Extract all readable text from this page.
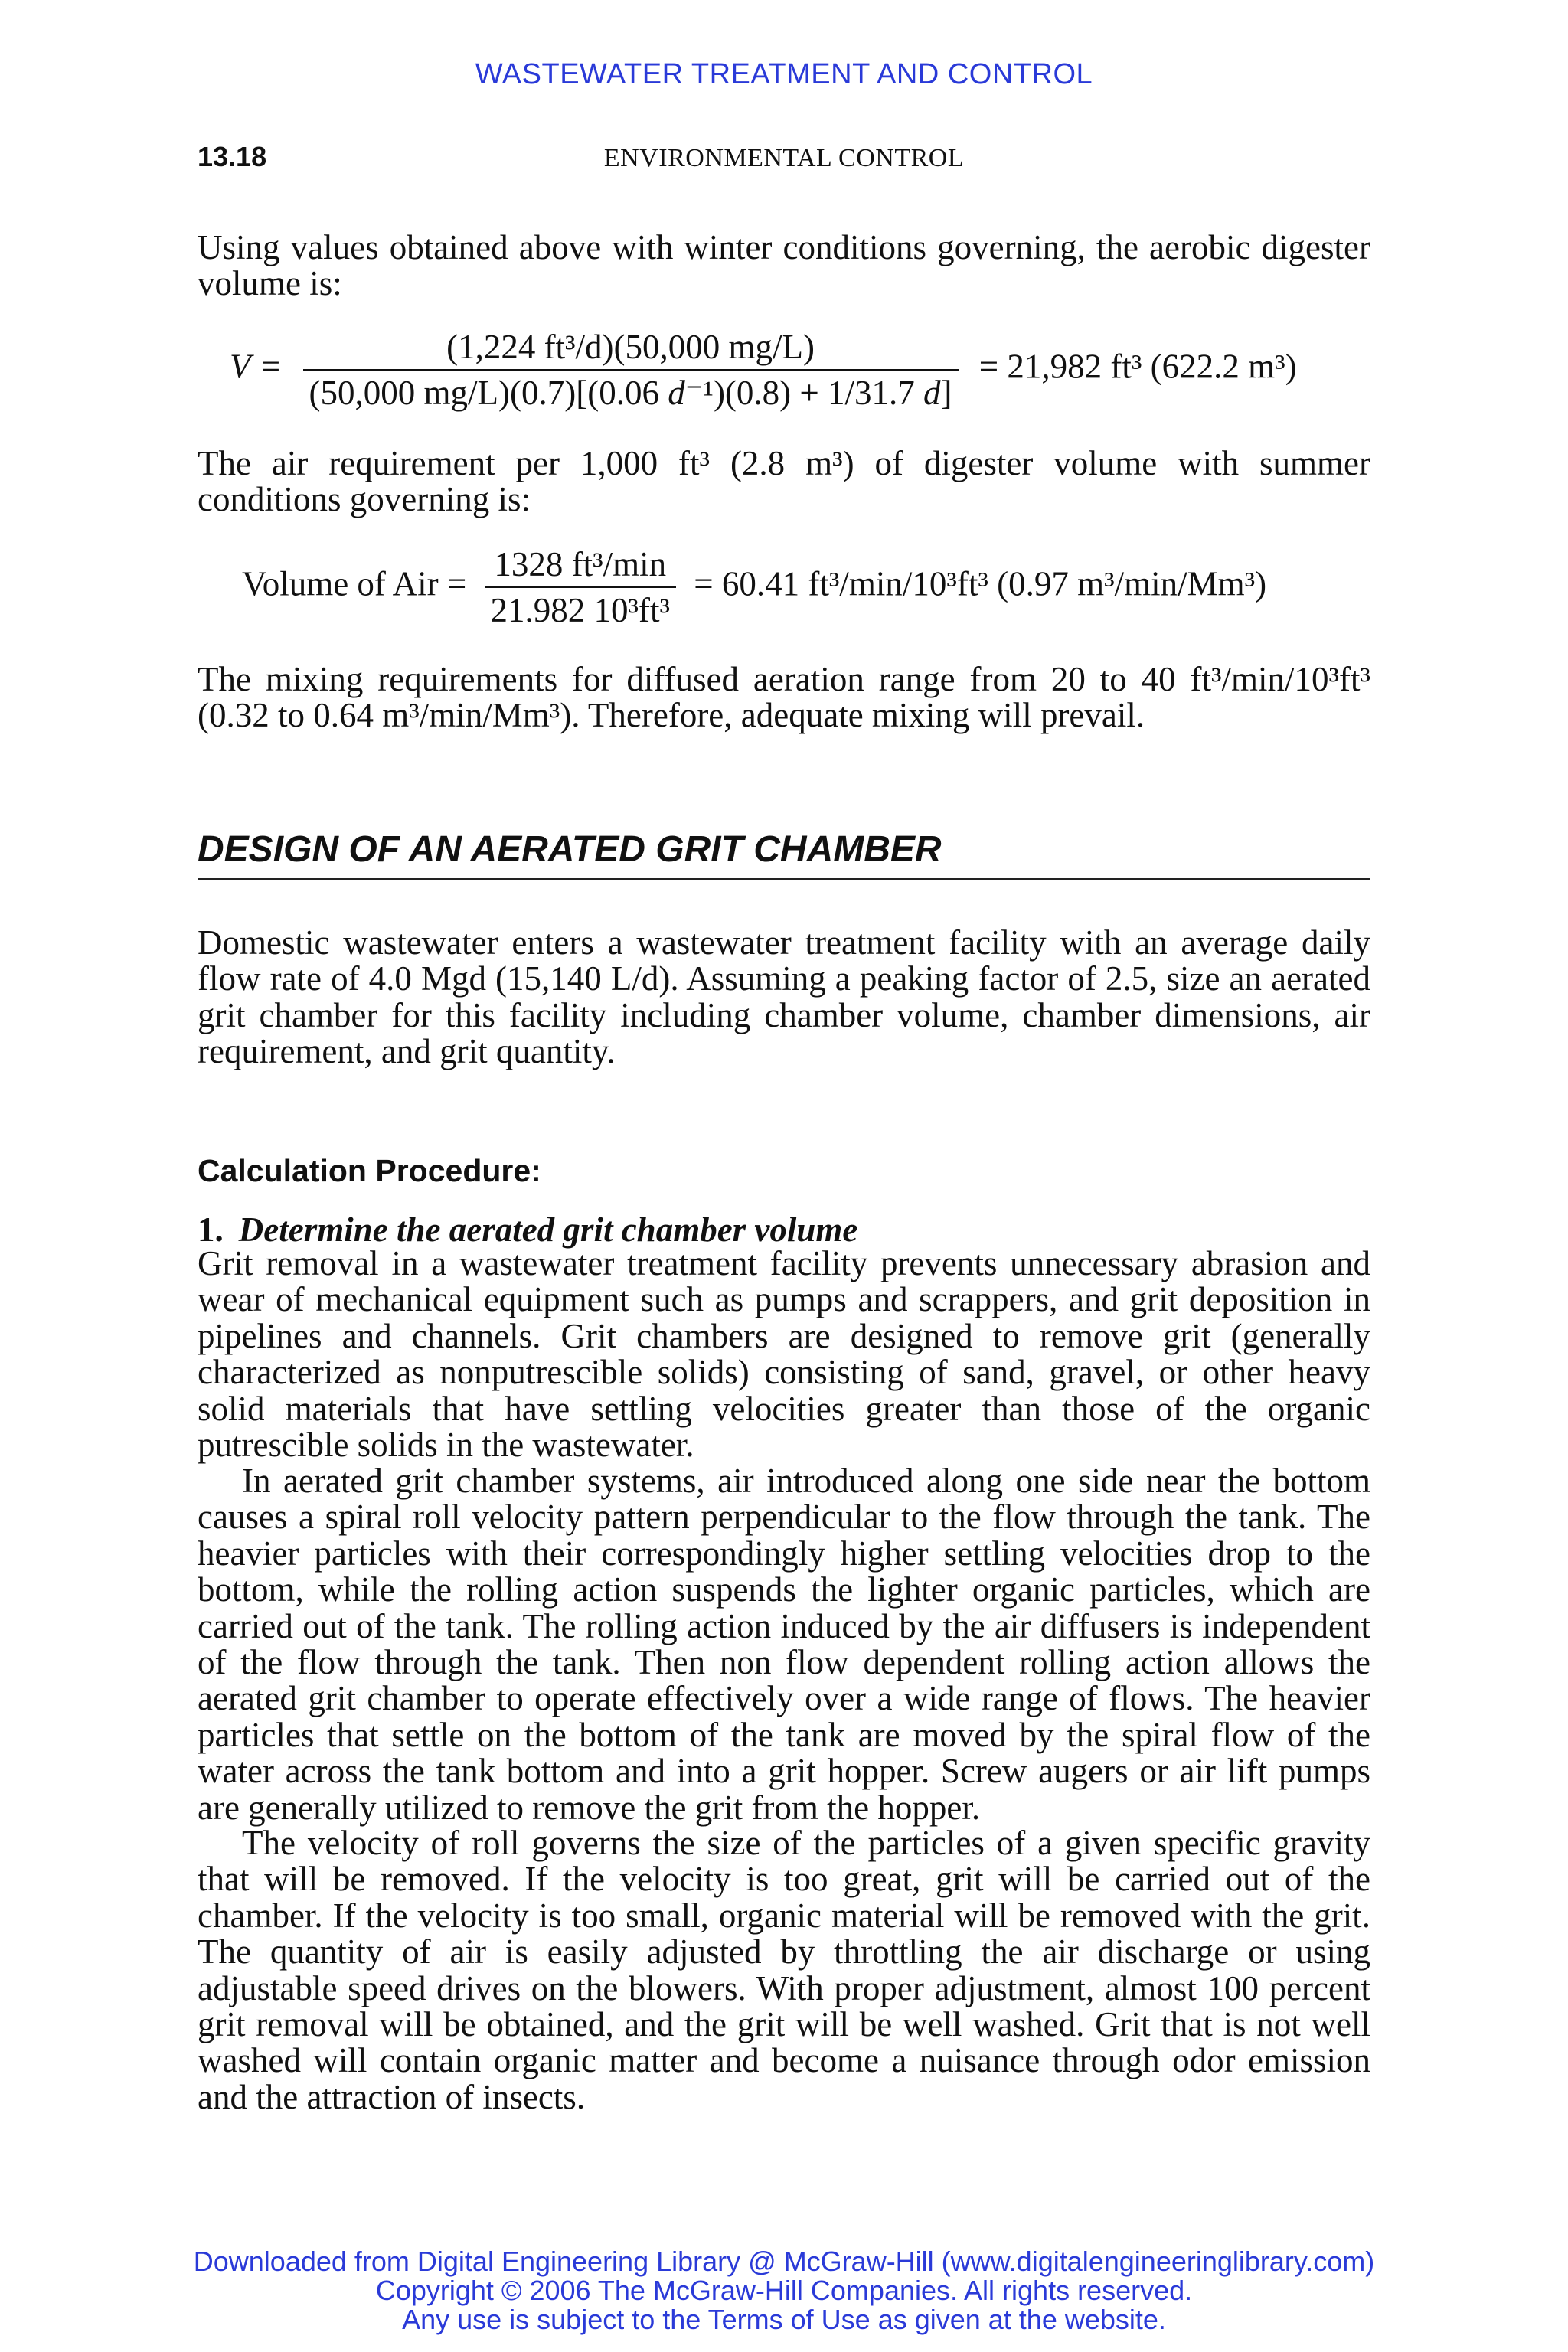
WASTEWATER TREATMENT AND CONTROL
13.18	ENVIRONMENTAL CONTROL
Using values obtained above with winter conditions governing, the aerobic digester volume is:
$V = \frac{\text{(1,224 ft³/d)(50,000 mg/L)}}{\text{(50,000 mg/L)(0.7)[(0.06 d⁻¹)(0.8) + 1/31.7 d]}} = 21,982$ ft³ (622.2 m³)
The air requirement per 1,000 ft³ (2.8 m³) of digester volume with summer conditions governing is:
Volume of Air = $\frac{\text{1328 ft³/min}}{\text{21.982 10³ft³}} = 60.41$ ft³/min/10³ft³ (0.97 m³/min/Mm³)
The mixing requirements for diffused aeration range from 20 to 40 ft³/min/10³ft³ (0.32 to 0.64 m³/min/Mm³). Therefore, adequate mixing will prevail.
DESIGN OF AN AERATED GRIT CHAMBER
Domestic wastewater enters a wastewater treatment facility with an average daily flow rate of 4.0 Mgd (15,140 L/d). Assuming a peaking factor of 2.5, size an aerated grit chamber for this facility including chamber volume, chamber dimensions, air requirement, and grit quantity.
Calculation Procedure:
1. Determine the aerated grit chamber volume
Grit removal in a wastewater treatment facility prevents unnecessary abrasion and wear of mechanical equipment such as pumps and scrappers, and grit deposition in pipelines and channels. Grit chambers are designed to remove grit (generally characterized as nonputrescible solids) consisting of sand, gravel, or other heavy solid materials that have settling velocities greater than those of the organic putrescible solids in the wastewater.
In aerated grit chamber systems, air introduced along one side near the bottom causes a spiral roll velocity pattern perpendicular to the flow through the tank. The heavier particles with their correspondingly higher settling velocities drop to the bottom, while the rolling action suspends the lighter organic particles, which are carried out of the tank. The rolling action induced by the air diffusers is independent of the flow through the tank. Then non flow dependent rolling action allows the aerated grit chamber to operate effectively over a wide range of flows. The heavier particles that settle on the bottom of the tank are moved by the spiral flow of the water across the tank bottom and into a grit hopper. Screw augers or air lift pumps are generally utilized to remove the grit from the hopper.
The velocity of roll governs the size of the particles of a given specific gravity that will be removed. If the velocity is too great, grit will be carried out of the chamber. If the velocity is too small, organic material will be removed with the grit. The quantity of air is easily adjusted by throttling the air discharge or using adjustable speed drives on the blowers. With proper adjustment, almost 100 percent grit removal will be obtained, and the grit will be well washed. Grit that is not well washed will contain organic matter and become a nuisance through odor emission and the attraction of insects.
Downloaded from Digital Engineering Library @ McGraw-Hill (www.digitalengineeringlibrary.com)
Copyright © 2006 The McGraw-Hill Companies. All rights reserved.
Any use is subject to the Terms of Use as given at the website.
